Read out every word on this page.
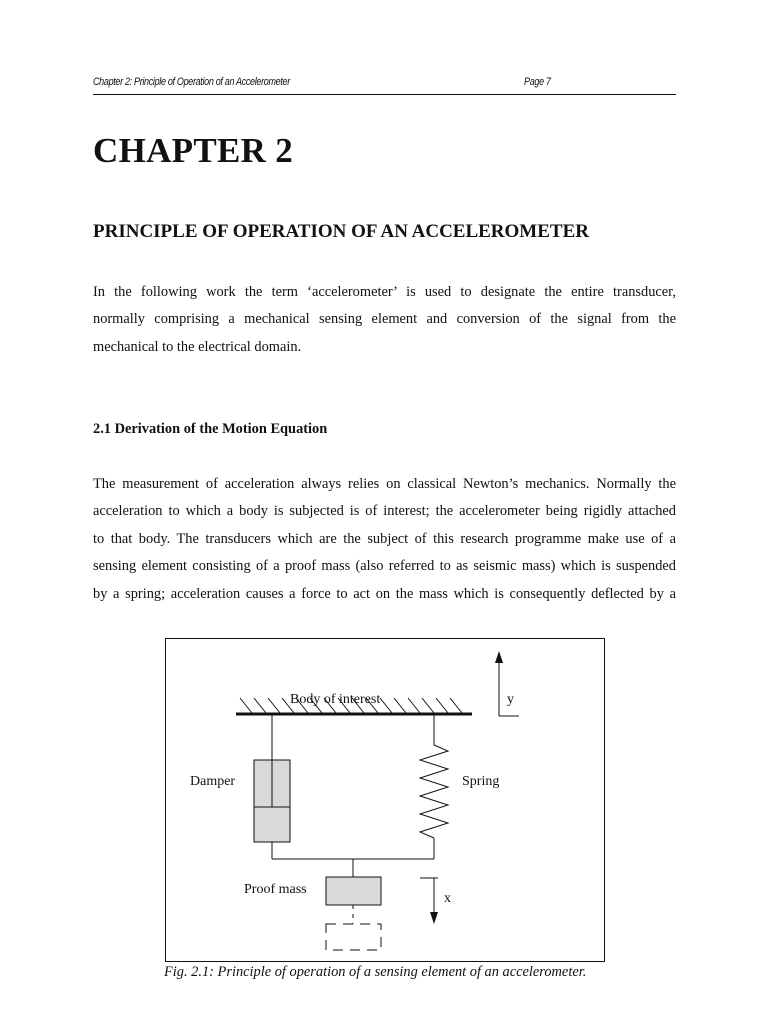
Chapter 2: Principle of Operation of an Accelerometer	Page 7
CHAPTER 2
PRINCIPLE OF OPERATION OF AN ACCELEROMETER

In the following work the term ‘accelerometer’ is used to designate the entire transducer,
normally comprising a mechanical sensing element and conversion of the signal from the
mechanical to the electrical domain.

2.1 Derivation of the Motion Equation

The measurement of acceleration always relies on classical Newton’s mechanics. Normally the
acceleration to which a body is subjected is of interest; the accelerometer being rigidly attached
to that body. The transducers which are the subject of this research programme make use of a
sensing element consisting of a proof mass (also referred to as seismic mass) which is suspended
by a spring; acceleration causes a force to act on the mass which is consequently deflected by a

Body of interest	y
Damper	Spring
Proof mass
x

Fig. 2.1: Principle of operation of a sensing element of an accelerometer.
